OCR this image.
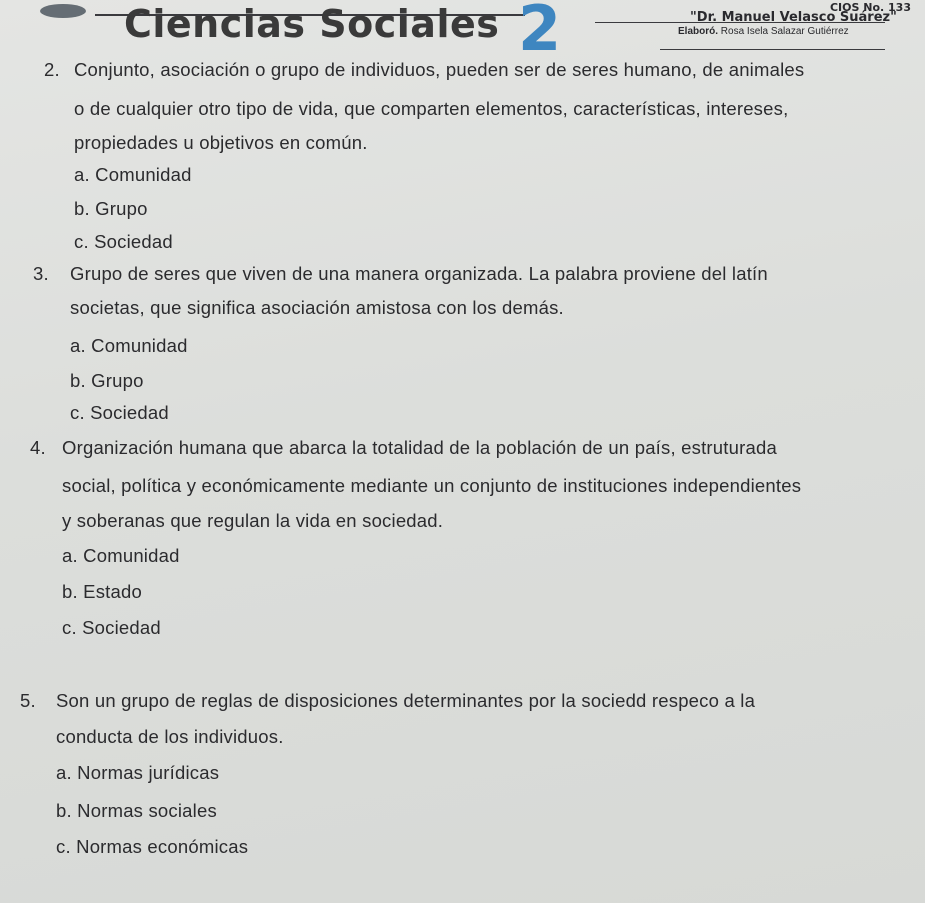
Ciencias Sociales 2	CIOS No. 133
"Dr. Manuel Velasco Suárez"
Elaboró. Rosa Isela Salazar Gutiérrez
2. Conjunto, asociación o grupo de individuos, pueden ser de seres humano, de animales
o de cualquier otro tipo de vida, que comparten elementos, características, intereses,
propiedades u objetivos en común.
a. Comunidad
b. Grupo
c. Sociedad
3. Grupo de seres que viven de una manera organizada. La palabra proviene del latín
societas, que significa asociación amistosa con los demás.
a. Comunidad
b. Grupo
c. Sociedad
4. Organización humana que abarca la totalidad de la población de un país, estruturada
social, política y económicamente mediante un conjunto de instituciones independientes
y soberanas que regulan la vida en sociedad.
a. Comunidad
b. Estado
c. Sociedad
5. Son un grupo de reglas de disposiciones determinantes por la sociedd respeco a la
conducta de los individuos.
a. Normas jurídicas
b. Normas sociales
c. Normas económicas
